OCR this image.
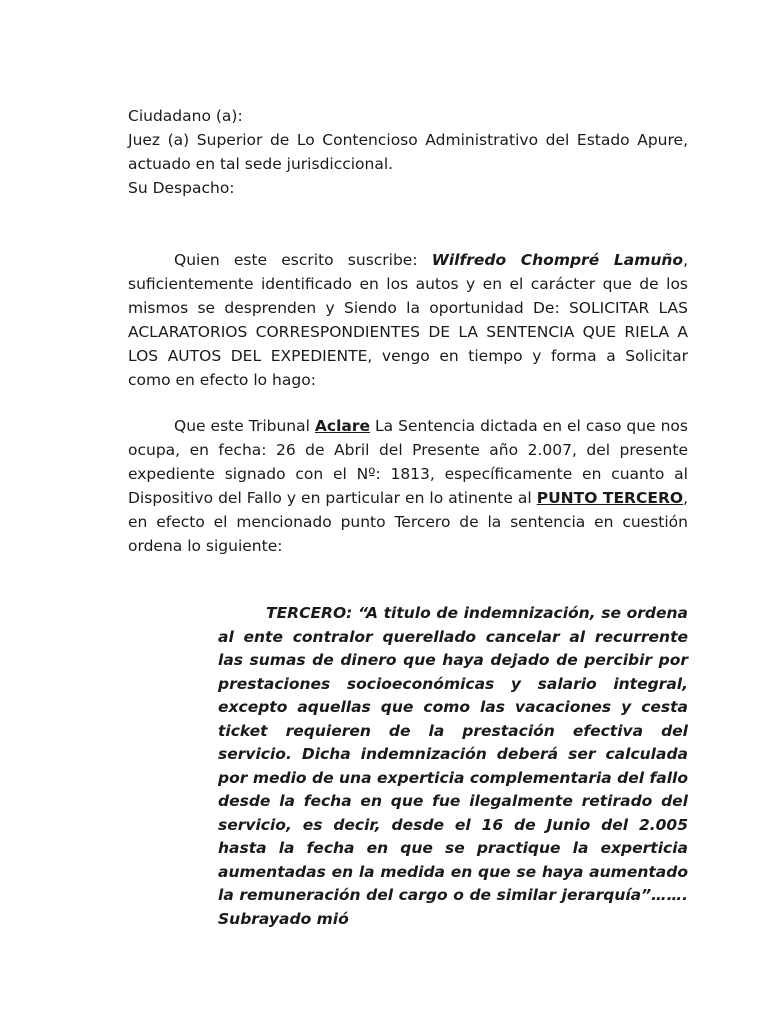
Ciudadano (a):

Juez (a) Superior de Lo Contencioso Administrativo del Estado Apure, actuado en tal sede jurisdiccional.

Su Despacho:

Quien este escrito suscribe: Wilfredo Chompré Lamuño, suficientemente identificado en los autos y en el carácter que de los mismos se desprenden y Siendo la oportunidad De: SOLICITAR LAS ACLARATORIOS CORRESPONDIENTES DE LA SENTENCIA QUE RIELA A LOS AUTOS DEL EXPEDIENTE, vengo en tiempo y forma a Solicitar como en efecto lo hago:

Que este Tribunal Aclare La Sentencia dictada en el caso que nos ocupa, en fecha: 26 de Abril del Presente año 2.007, del presente expediente signado con el Nº: 1813, específicamente en cuanto al Dispositivo del Fallo y en particular en lo atinente al PUNTO TERCERO, en efecto el mencionado punto Tercero de la sentencia en cuestión ordena lo siguiente:

TERCERO: “A titulo de indemnización, se ordena al ente contralor querellado cancelar al recurrente las sumas de dinero que haya dejado de percibir por prestaciones socioeconómicas y salario integral, excepto aquellas que como las vacaciones y cesta ticket requieren de la prestación efectiva del servicio. Dicha indemnización deberá ser calculada por medio de una experticia complementaria del fallo desde la fecha en que fue ilegalmente retirado del servicio, es decir, desde el 16 de Junio del 2.005 hasta la fecha en que se practique la experticia aumentadas en la medida en que se haya aumentado la remuneración del cargo o de similar jerarquía”……. Subrayado mió
